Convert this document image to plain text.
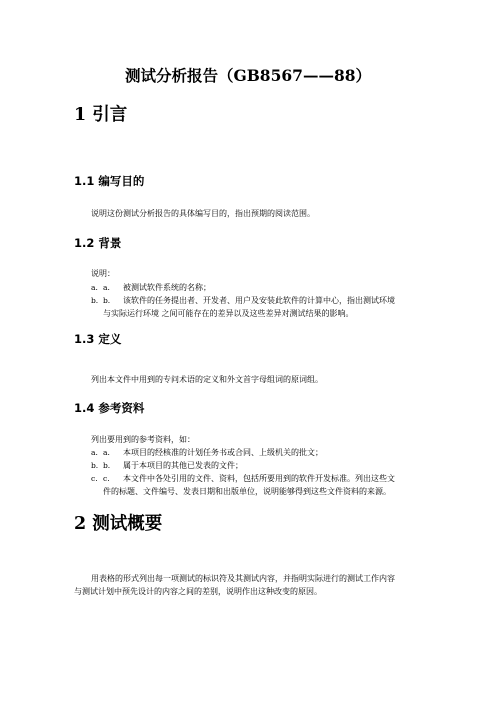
测试分析报告（GB8567——88）
1 引言
1.1 编写目的
说明这份测试分析报告的具体编写目的，指出预期的阅读范围。
1.2 背景
说明：
a. a. 被测试软件系统的名称；
b. b. 该软件的任务提出者、开发者、用户及安装此软件的计算中心，指出测试环境
与实际运行环境 之间可能存在的差异以及这些差异对测试结果的影响。
1.3 定义
列出本文件中用到的专问术语的定义和外文首字母组词的原词组。
1.4 参考资料
列出要用到的参考资料，如：
a. a. 本项目的经核准的计划任务书或合同、上级机关的批文；
b. b. 属于本项目的其他已发表的文件；
c. c. 本文件中各处引用的文件、资料，包括所要用到的软件开发标准。列出这些文
件的标题、文件编号、发表日期和出版单位，说明能够得到这些文件资料的来源。
2 测试概要
用表格的形式列出每一项测试的标识符及其测试内容，并指明实际进行的测试工作内容
与测试计划中预先设计的内容之间的差别，说明作出这种改变的原因。
